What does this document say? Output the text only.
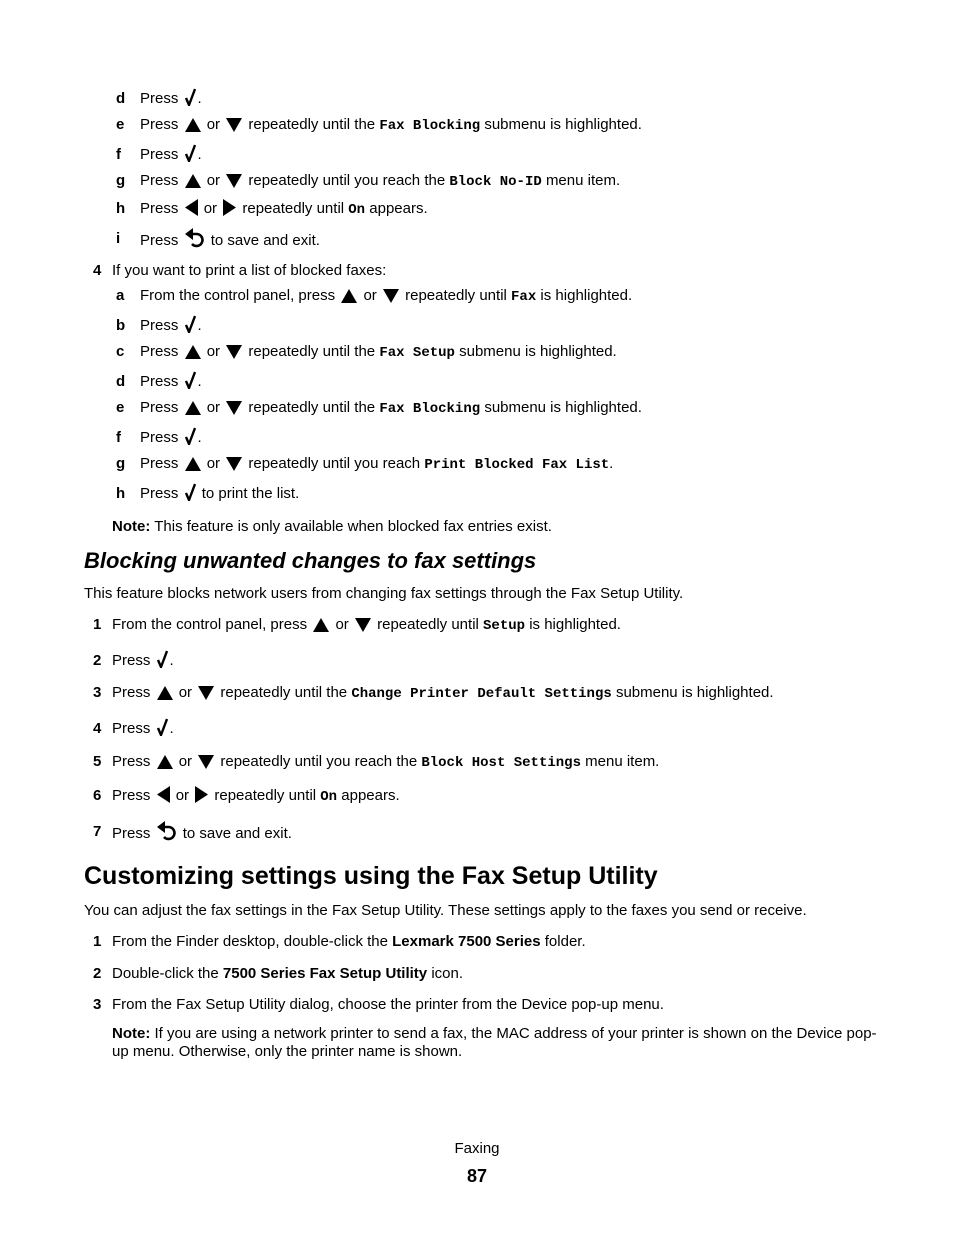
d Press .
e Press or repeatedly until the Fax Blocking submenu is highlighted.
f Press .
g Press or repeatedly until you reach the Block No-ID menu item.
h Press or repeatedly until On appears.
i Press to save and exit.
4 If you want to print a list of blocked faxes:
a From the control panel, press or repeatedly until Fax is highlighted.
b Press .
c Press or repeatedly until the Fax Setup submenu is highlighted.
d Press .
e Press or repeatedly until the Fax Blocking submenu is highlighted.
f Press .
g Press or repeatedly until you reach Print Blocked Fax List.
h Press to print the list.
Note: This feature is only available when blocked fax entries exist.
Blocking unwanted changes to fax settings
This feature blocks network users from changing fax settings through the Fax Setup Utility.
1 From the control panel, press or repeatedly until Setup is highlighted.
2 Press .
3 Press or repeatedly until the Change Printer Default Settings submenu is highlighted.
4 Press .
5 Press or repeatedly until you reach the Block Host Settings menu item.
6 Press or repeatedly until On appears.
7 Press to save and exit.
Customizing settings using the Fax Setup Utility
You can adjust the fax settings in the Fax Setup Utility. These settings apply to the faxes you send or receive.
1 From the Finder desktop, double-click the Lexmark 7500 Series folder.
2 Double-click the 7500 Series Fax Setup Utility icon.
3 From the Fax Setup Utility dialog, choose the printer from the Device pop-up menu.
Note: If you are using a network printer to send a fax, the MAC address of your printer is shown on the Device pop-up menu. Otherwise, only the printer name is shown.
Faxing
87
